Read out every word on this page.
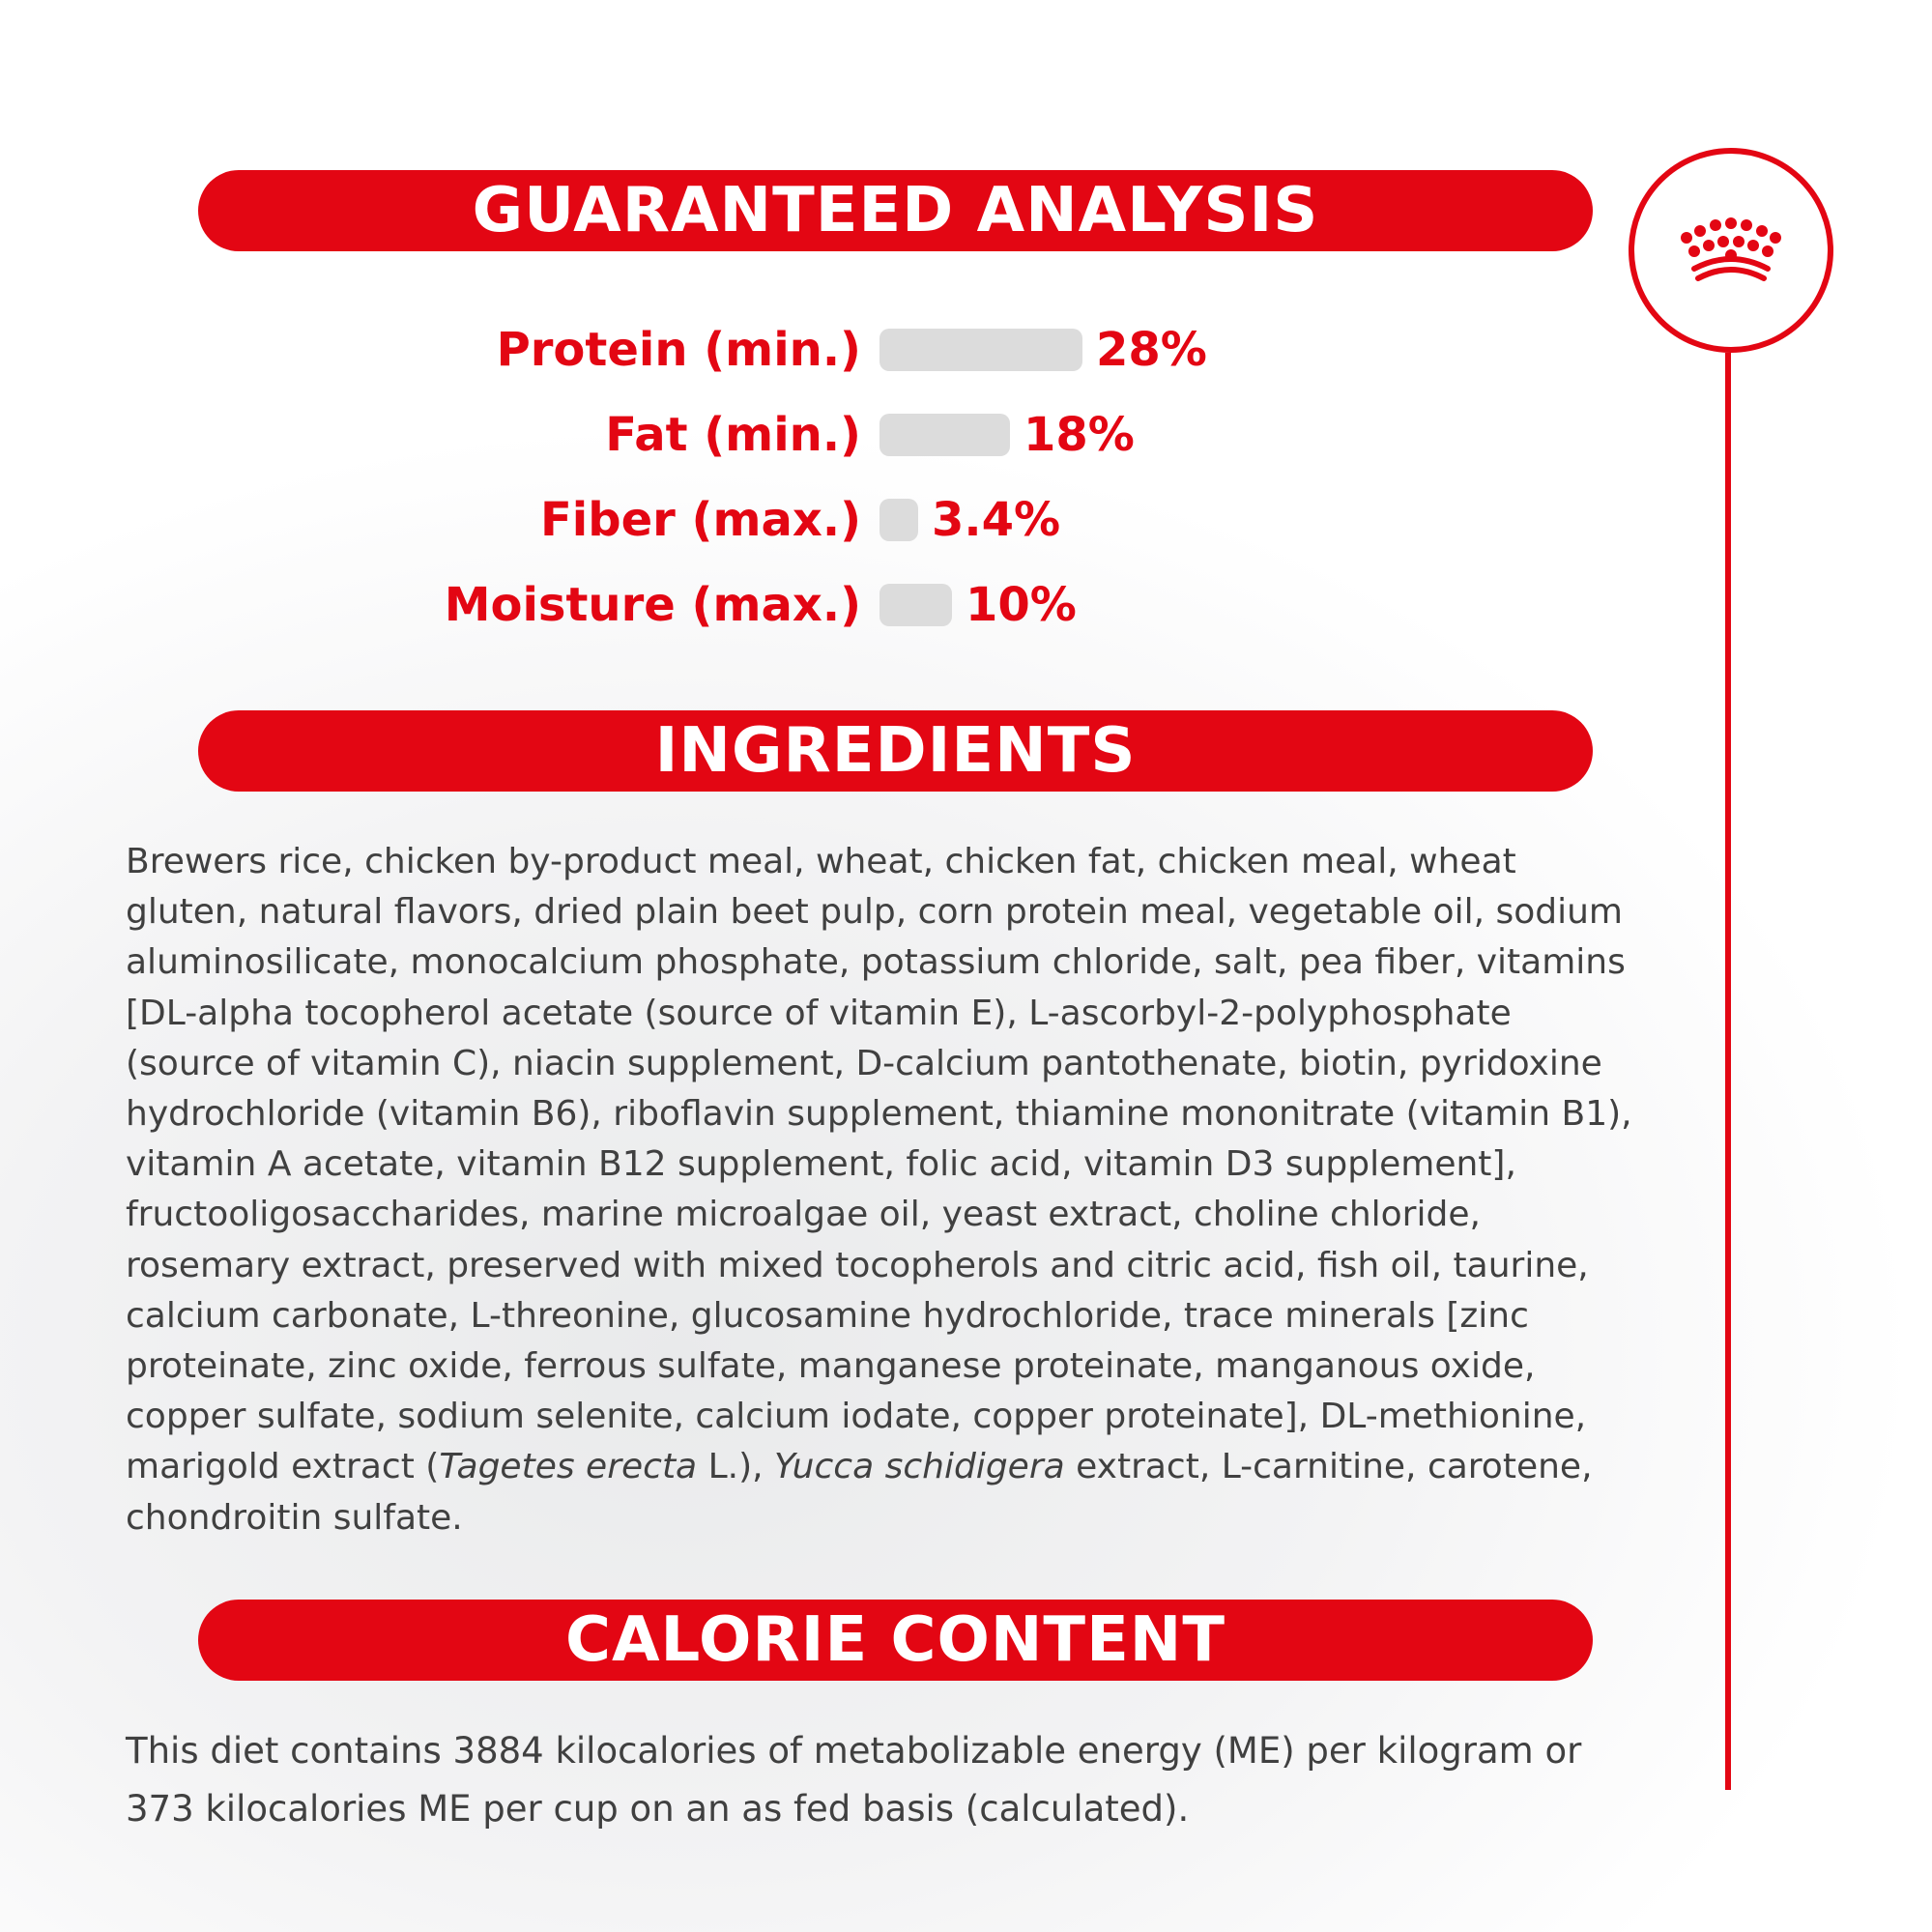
GUARANTEED ANALYSIS
Protein (min.)	28%
Fat (min.)	18%
Fiber (max.) 3.4%
Moisture (max.) 10%
INGREDIENTS

Brewers rice, chicken by-product meal, wheat, chicken fat, chicken meal, wheat gluten, natural flavors, dried plain beet pulp, corn protein meal, vegetable oil, sodium aluminosilicate, monocalcium phosphate, potassium chloride, salt, pea fiber, vitamins [DL-alpha tocopherol acetate (source of vitamin E), L-ascorbyl-2-polyphosphate (source of vitamin C), niacin supplement, D-calcium pantothenate, biotin, pyridoxine hydrochloride (vitamin B6), riboflavin supplement, thiamine mononitrate (vitamin B1), vitamin A acetate, vitamin B12 supplement, folic acid, vitamin D3 supplement], fructooligosaccharides, marine microalgae oil, yeast extract, choline chloride, rosemary extract, preserved with mixed tocopherols and citric acid, fish oil, taurine, calcium carbonate, L-threonine, glucosamine hydrochloride, trace minerals [zinc proteinate, zinc oxide, ferrous sulfate, manganese proteinate, manganous oxide, copper sulfate, sodium selenite, calcium iodate, copper proteinate], DL-methionine, marigold extract (Tagetes erecta L.), Yucca schidigera extract, L-carnitine, carotene, chondroitin sulfate.

CALORIE CONTENT

This diet contains 3884 kilocalories of metabolizable energy (ME) per kilogram or 373 kilocalories ME per cup on an as fed basis (calculated).
